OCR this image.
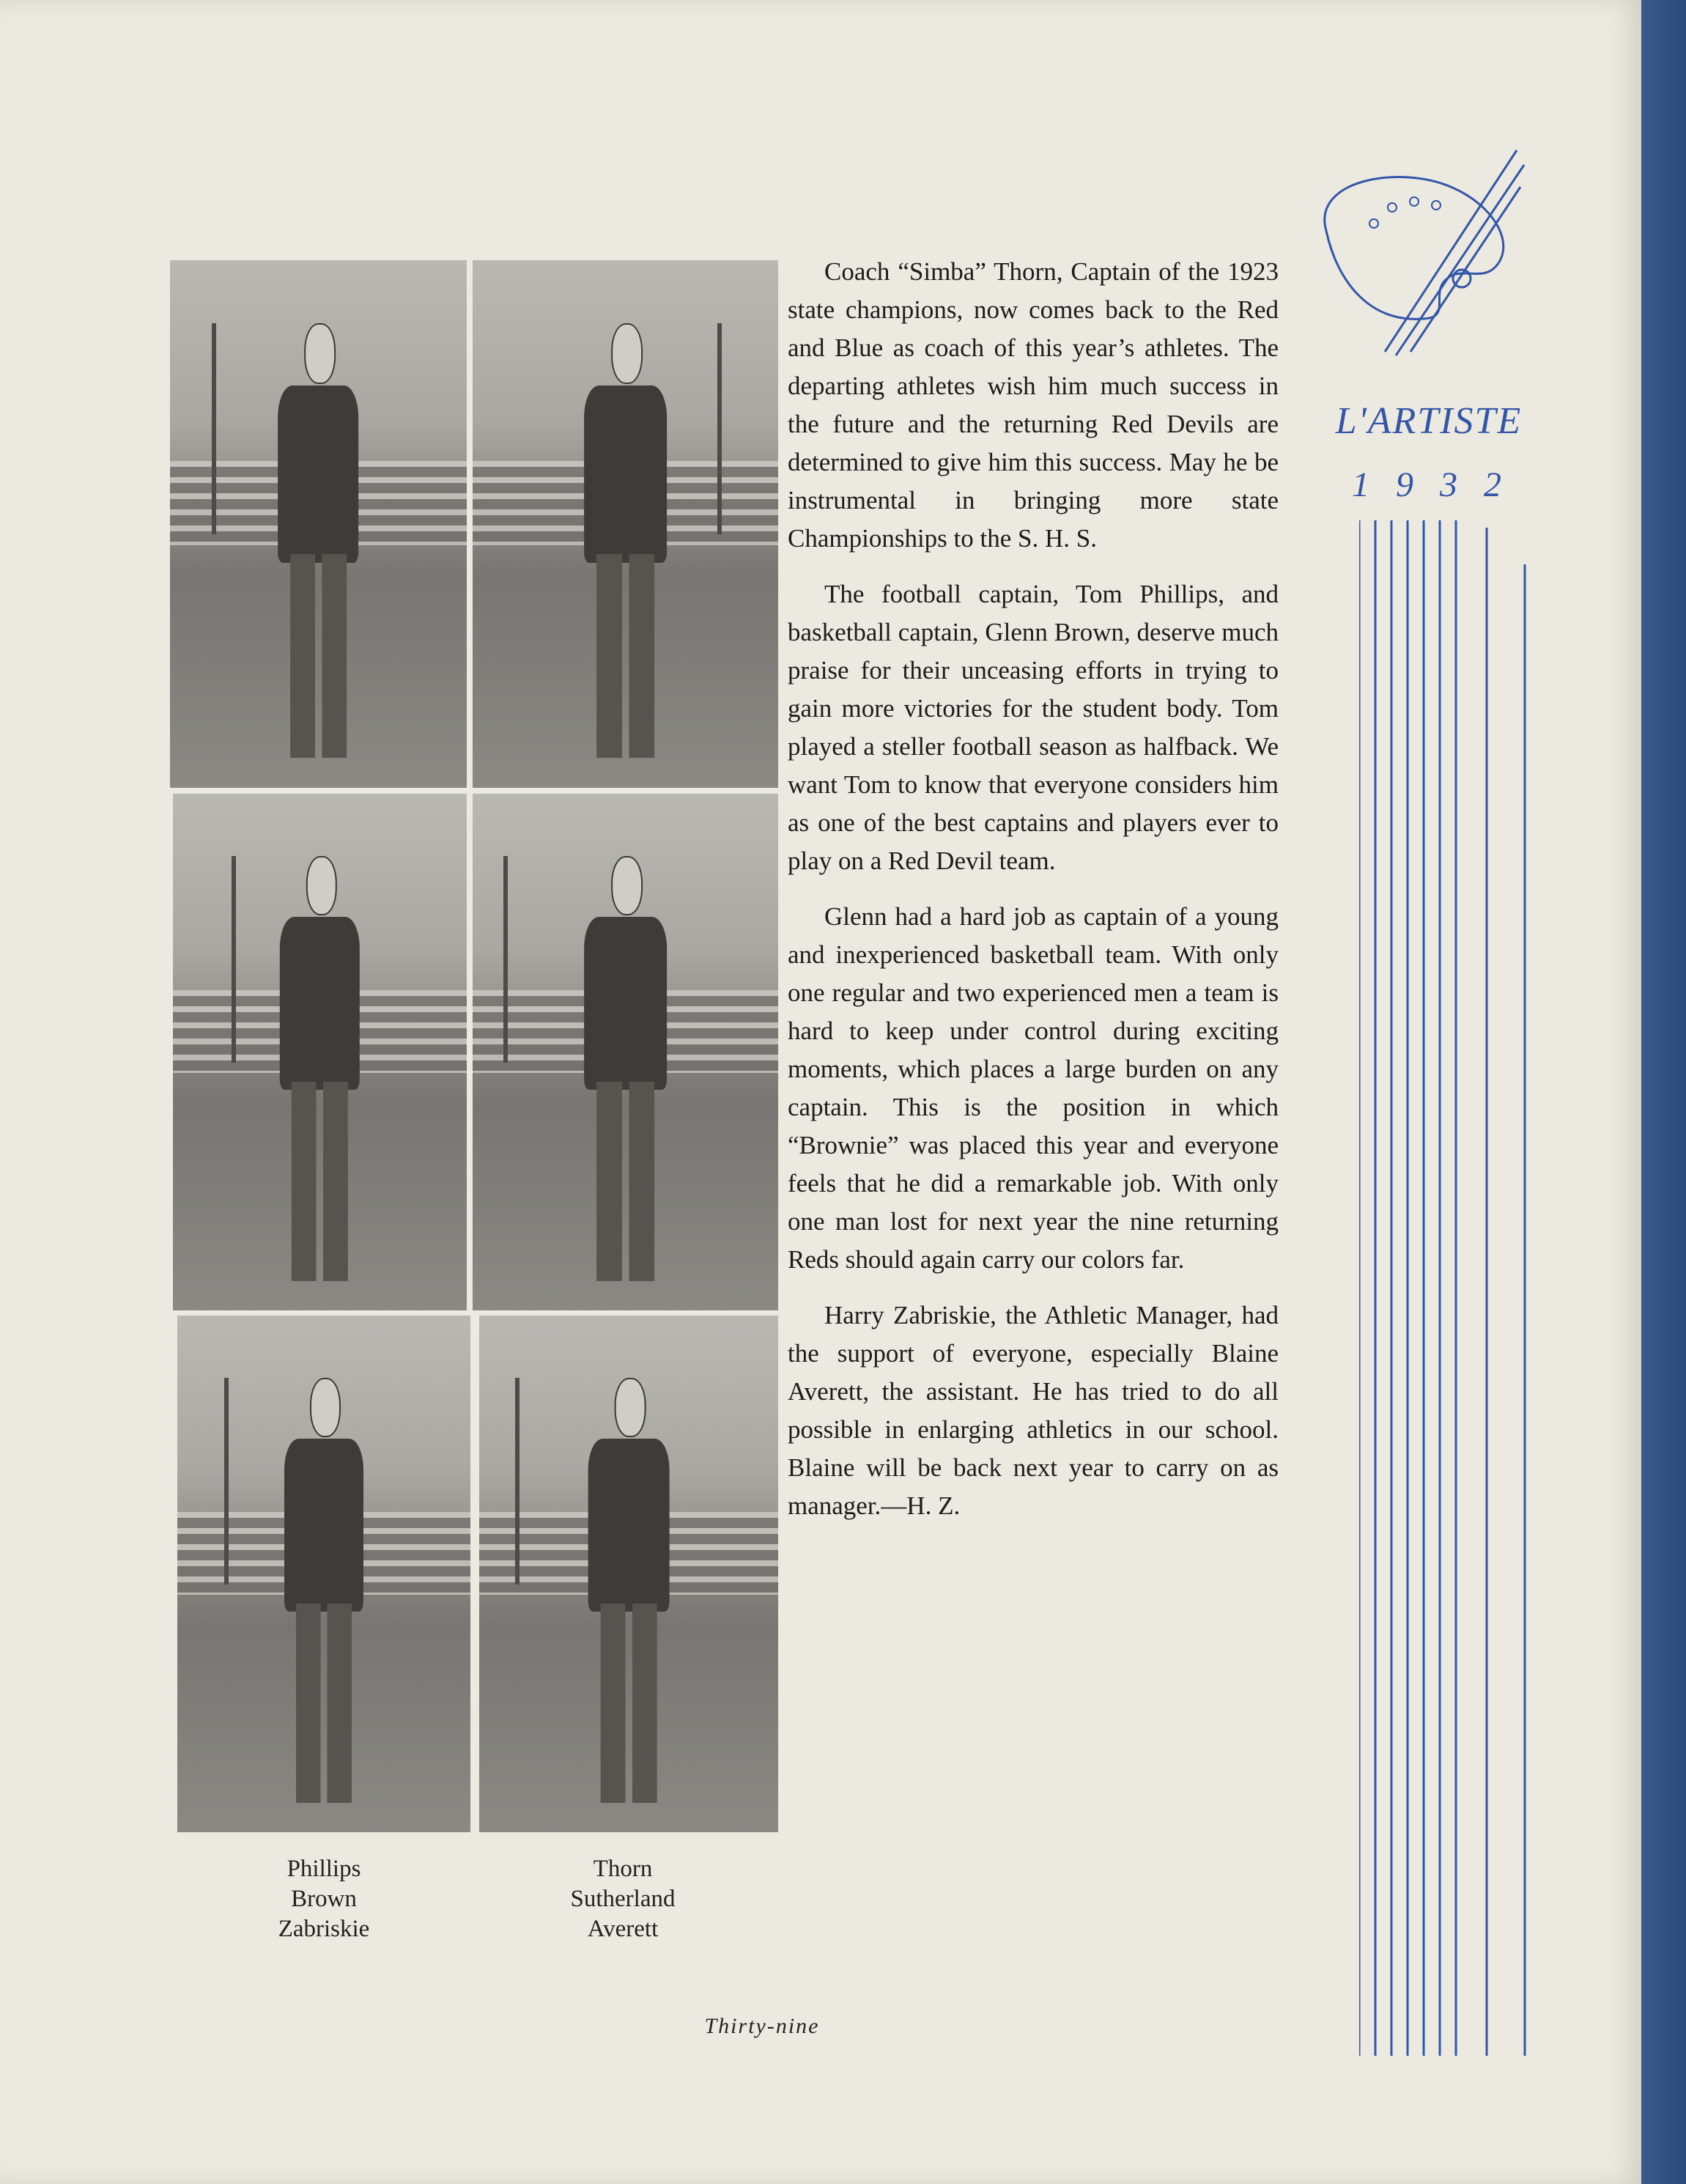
Phillips
Brown
Zabriskie
Thorn
Sutherland
Averett

Coach “Simba” Thorn, Captain of the 1923 state champions, now comes back to the Red and Blue as coach of this year’s athletes. The departing athletes wish him much success in the future and the returning Red Devils are determined to give him this success. May he be instrumental in bringing more state Championships to the S. H. S.

The football captain, Tom Phillips, and basketball captain, Glenn Brown, deserve much praise for their unceasing efforts in trying to gain more victories for the student body. Tom played a steller football season as halfback. We want Tom to know that everyone considers him as one of the best captains and players ever to play on a Red Devil team.

Glenn had a hard job as captain of a young and inexperienced basketball team. With only one regular and two experienced men a team is hard to keep under control during exciting moments, which places a large burden on any captain. This is the position in which “Brownie” was placed this year and everyone feels that he did a remarkable job. With only one man lost for next year the nine returning Reds should again carry our colors far.

Harry Zabriskie, the Athletic Manager, had the support of everyone, especially Blaine Averett, the assistant. He has tried to do all possible in enlarging athletics in our school. Blaine will be back next year to carry on as manager.—H. Z.

L'ARTISTE
1932
Thirty-nine
